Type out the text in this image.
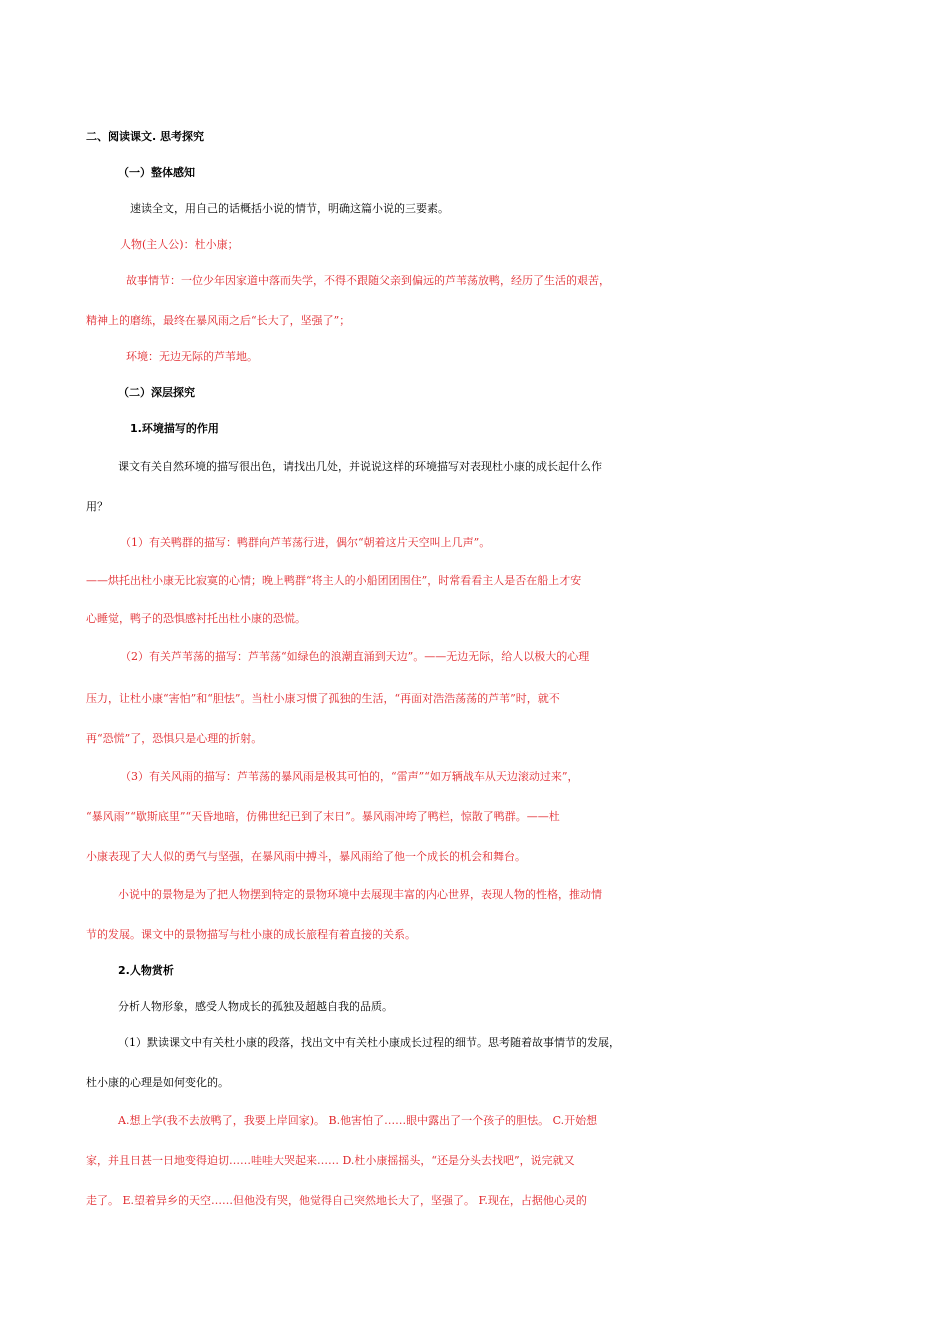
二、阅读课文. 思考探究
（一）整体感知
速读全文，用自己的话概括小说的情节，明确这篇小说的三要素。
人物(主人公)：杜小康；
故事情节：一位少年因家道中落而失学，不得不跟随父亲到偏远的芦苇荡放鸭，经历了生活的艰苦，
精神上的磨练，最终在暴风雨之后“长大了，坚强了”；
环境：无边无际的芦苇地。
（二）深层探究
1.环境描写的作用
课文有关自然环境的描写很出色，请找出几处，并说说这样的环境描写对表现杜小康的成长起什么作
用？
（1）有关鸭群的描写：鸭群向芦苇荡行进，偶尔“朝着这片天空叫上几声”。
——烘托出杜小康无比寂寞的心情；晚上鸭群“将主人的小船团团围住”，时常看看主人是否在船上才安
心睡觉，鸭子的恐惧感衬托出杜小康的恐慌。
（2）有关芦苇荡的描写：芦苇荡“如绿色的浪潮直涌到天边”。——无边无际，给人以极大的心理
压力，让杜小康“害怕”和“胆怯”。当杜小康习惯了孤独的生活，“再面对浩浩荡荡的芦苇”时，就不
再“恐慌”了，恐惧只是心理的折射。
（3）有关风雨的描写：芦苇荡的暴风雨是极其可怕的，“雷声”“如万辆战车从天边滚动过来”，
“暴风雨”“歇斯底里”“天昏地暗，仿佛世纪已到了末日”。暴风雨冲垮了鸭栏，惊散了鸭群。——杜
小康表现了大人似的勇气与坚强，在暴风雨中搏斗，暴风雨给了他一个成长的机会和舞台。
小说中的景物是为了把人物摆到特定的景物环境中去展现丰富的内心世界，表现人物的性格，推动情
节的发展。课文中的景物描写与杜小康的成长旅程有着直接的关系。
2.人物赏析
分析人物形象，感受人物成长的孤独及超越自我的品质。
（1）默读课文中有关杜小康的段落，找出文中有关杜小康成长过程的细节。思考随着故事情节的发展，
杜小康的心理是如何变化的。
A.想上学(我不去放鸭了，我要上岸回家)。 B.他害怕了……眼中露出了一个孩子的胆怯。 C.开始想
家，并且日甚一日地变得迫切……哇哇大哭起来…… D.杜小康摇摇头，“还是分头去找吧”，说完就又
走了。 E.望着异乡的天空……但他没有哭，他觉得自己突然地长大了，坚强了。 F.现在，占据他心灵的
